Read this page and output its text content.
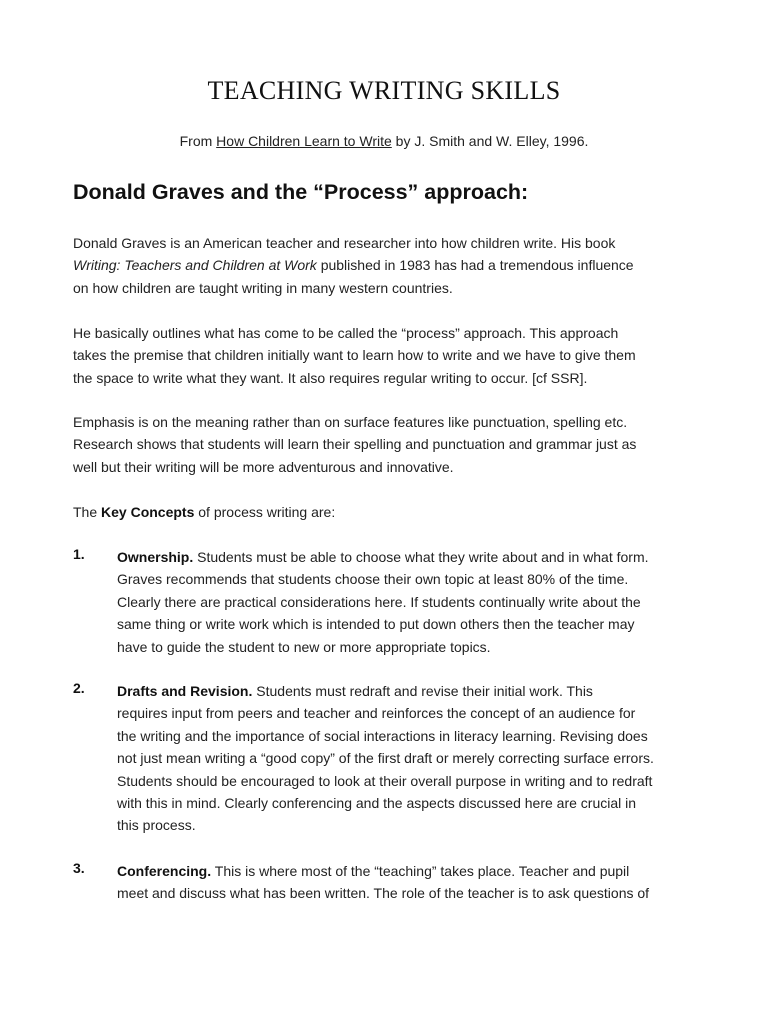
TEACHING WRITING SKILLS
From How Children Learn to Write by J. Smith and W. Elley, 1996.
Donald Graves and the “Process” approach:
Donald Graves is an American teacher and researcher into how children write. His book
Writing: Teachers and Children at Work published in 1983 has had a tremendous influence
on how children are taught writing in many western countries.
He basically outlines what has come to be called the “process” approach. This approach
takes the premise that children initially want to learn how to write and we have to give them
the space to write what they want. It also requires regular writing to occur. [cf SSR].
Emphasis is on the meaning rather than on surface features like punctuation, spelling etc.
Research shows that students will learn their spelling and punctuation and grammar just as
well but their writing will be more adventurous and innovative.
The Key Concepts of process writing are:
1. Ownership. Students must be able to choose what they write about and in what form.
Graves recommends that students choose their own topic at least 80% of the time.
Clearly there are practical considerations here. If students continually write about the
same thing or write work which is intended to put down others then the teacher may
have to guide the student to new or more appropriate topics.
2. Drafts and Revision. Students must redraft and revise their initial work. This
requires input from peers and teacher and reinforces the concept of an audience for
the writing and the importance of social interactions in literacy learning. Revising does
not just mean writing a “good copy” of the first draft or merely correcting surface errors.
Students should be encouraged to look at their overall purpose in writing and to redraft
with this in mind. Clearly conferencing and the aspects discussed here are crucial in
this process.
3. Conferencing. This is where most of the “teaching” takes place. Teacher and pupil
meet and discuss what has been written. The role of the teacher is to ask questions of
